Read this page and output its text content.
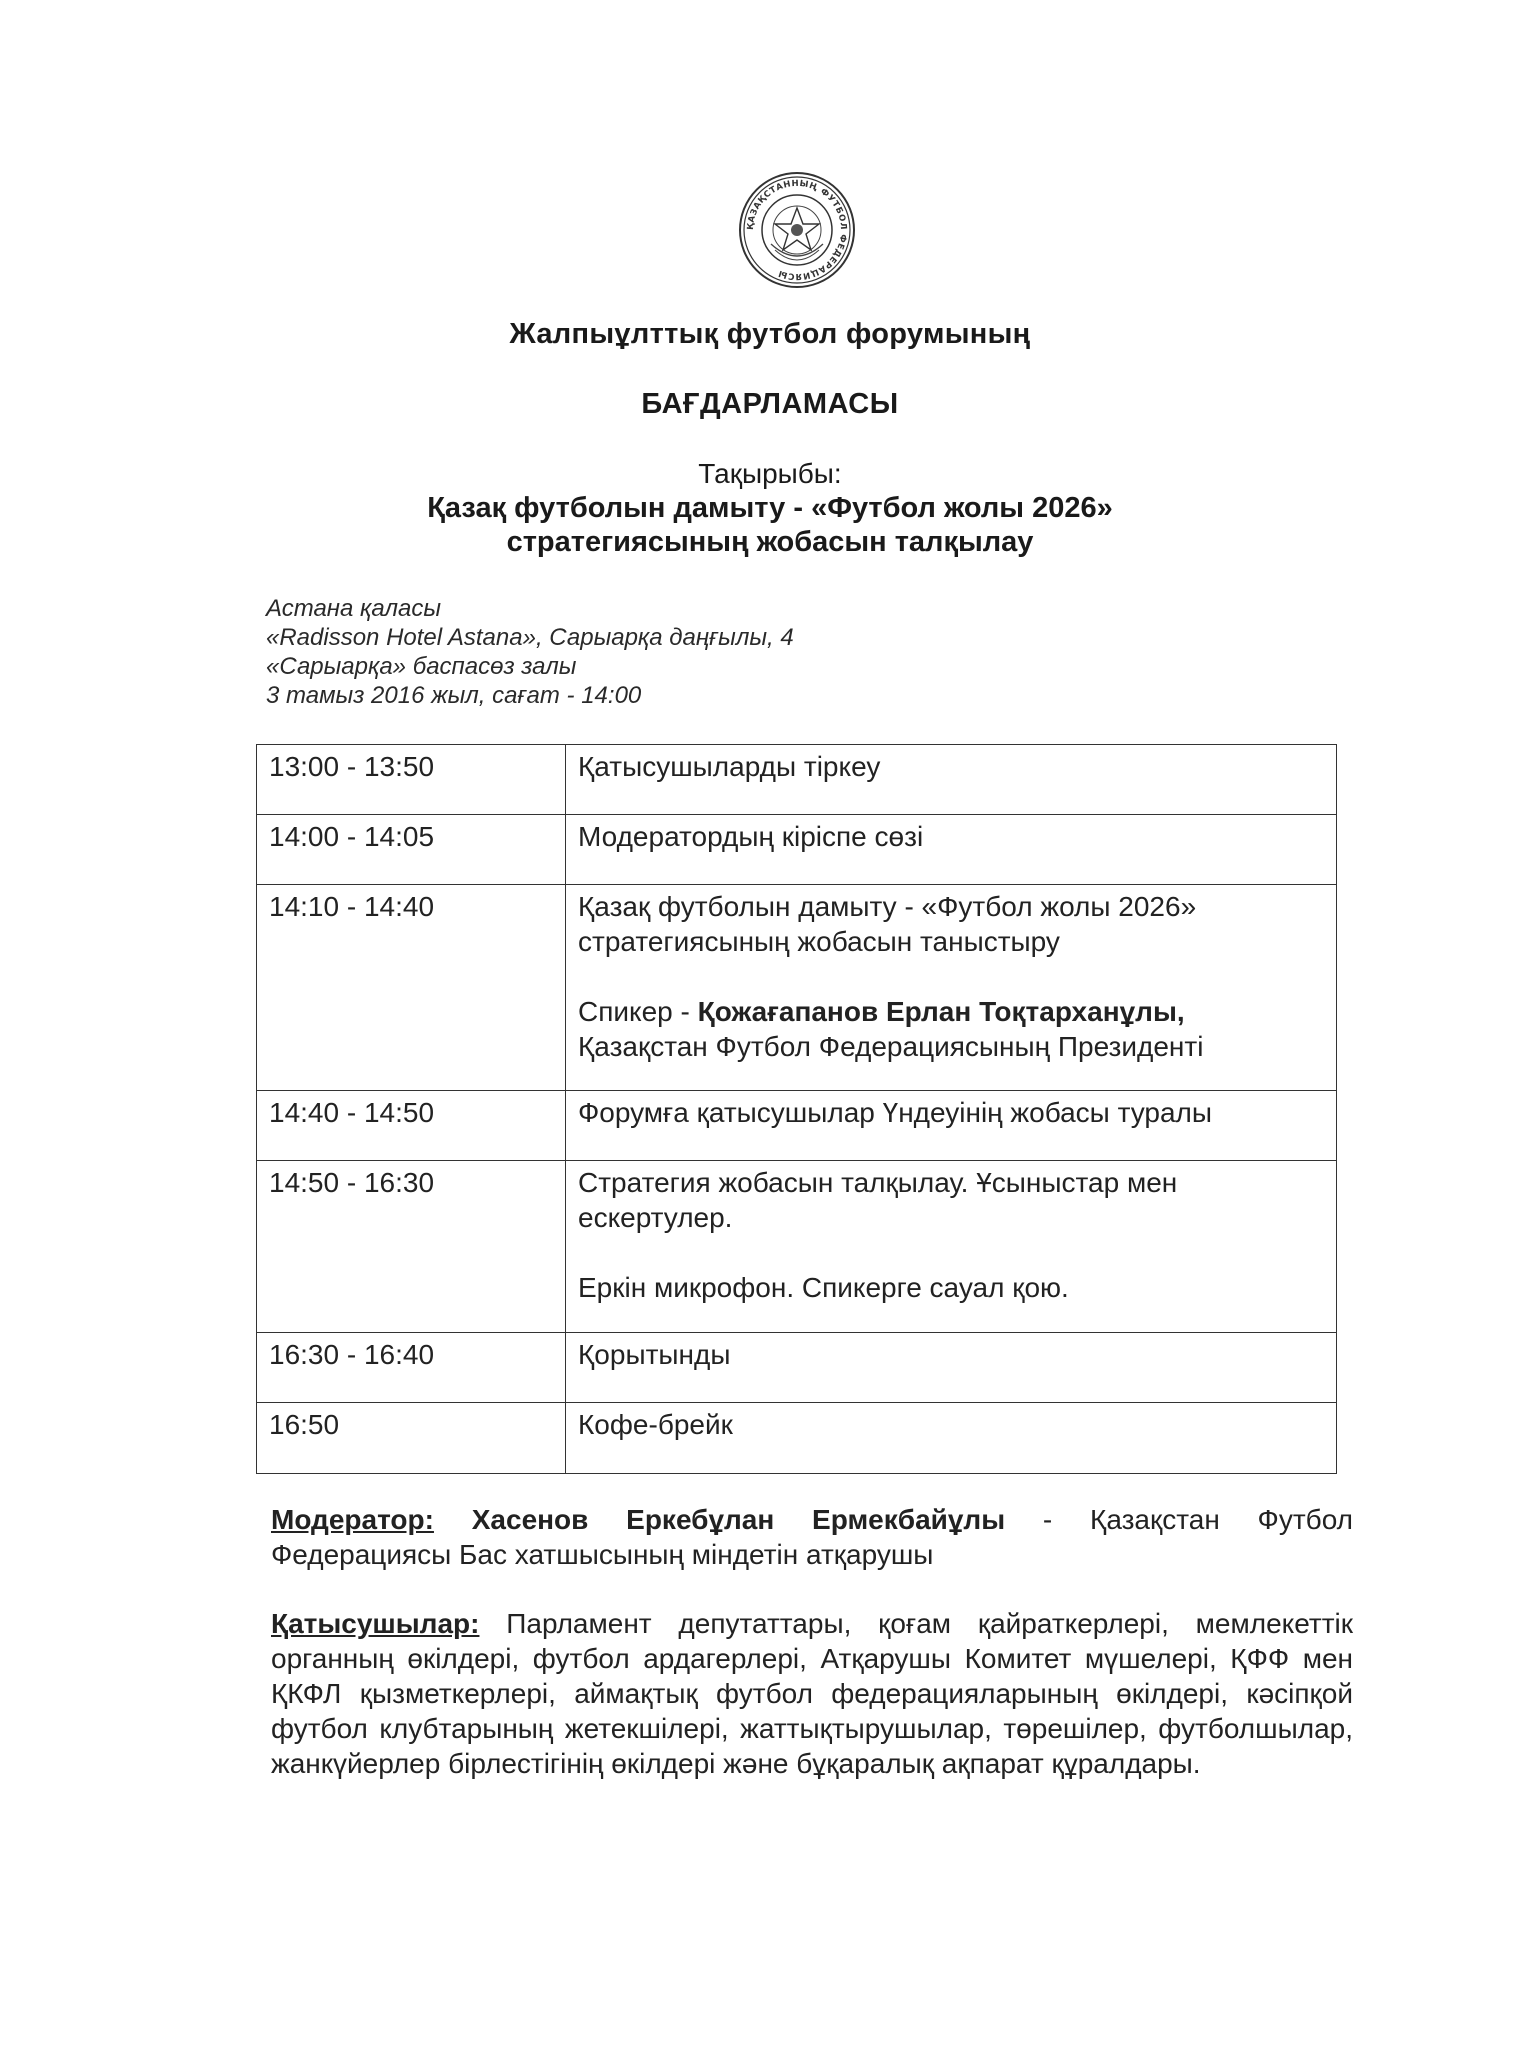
ҚАЗАҚСТАННЫҢ ФУТБОЛ ФЕДЕРАЦИЯСЫ
Жалпыұлттық футбол форумының
БАҒДАРЛАМАСЫ
Тақырыбы:
Қазақ футболын дамыту - «Футбол жолы 2026»
стратегиясының жобасын талқылау
Астана қаласы
«Radisson Hotel Astana», Сарыарқа даңғылы, 4
«Сарыарқа» баспасөз залы
3 тамыз 2016 жыл, сағат - 14:00
13:00 - 13:50	Қатысушыларды тіркеу
14:00 - 14:05	Модератордың кіріспе сөзі
14:10 - 14:40	Қазақ футболын дамыту - «Футбол жолы 2026»
стратегиясының жобасын таныстыру

Спикер - Қожағапанов Ерлан Тоқтарханұлы,
Қазақстан Футбол Федерациясының Президенті

14:40 - 14:50	Форумға қатысушылар Үндеуінің жобасы туралы
14:50 - 16:30	Стратегия жобасын талқылау. Ұсыныстар мен
ескертулер.

Еркін микрофон. Спикерге сауал қою.

16:30 - 16:40	Қорытынды
16:50	Кофе-брейк
Модератор: Хасенов Еркебұлан Ермекбайұлы - Қазақстан Футбол Федерациясы Бас хатшысының міндетін атқарушы
Қатысушылар: Парламент депутаттары, қоғам қайраткерлері, мемлекеттік органның өкілдері, футбол ардагерлері, Атқарушы Комитет мүшелері, ҚФФ мен ҚКФЛ қызметкерлері, аймақтық футбол федерацияларының өкілдері, кәсіпқой футбол клубтарының жетекшілері, жаттықтырушылар, төрешілер, футболшылар, жанкүйерлер бірлестігінің өкілдері және бұқаралық ақпарат құралдары.
